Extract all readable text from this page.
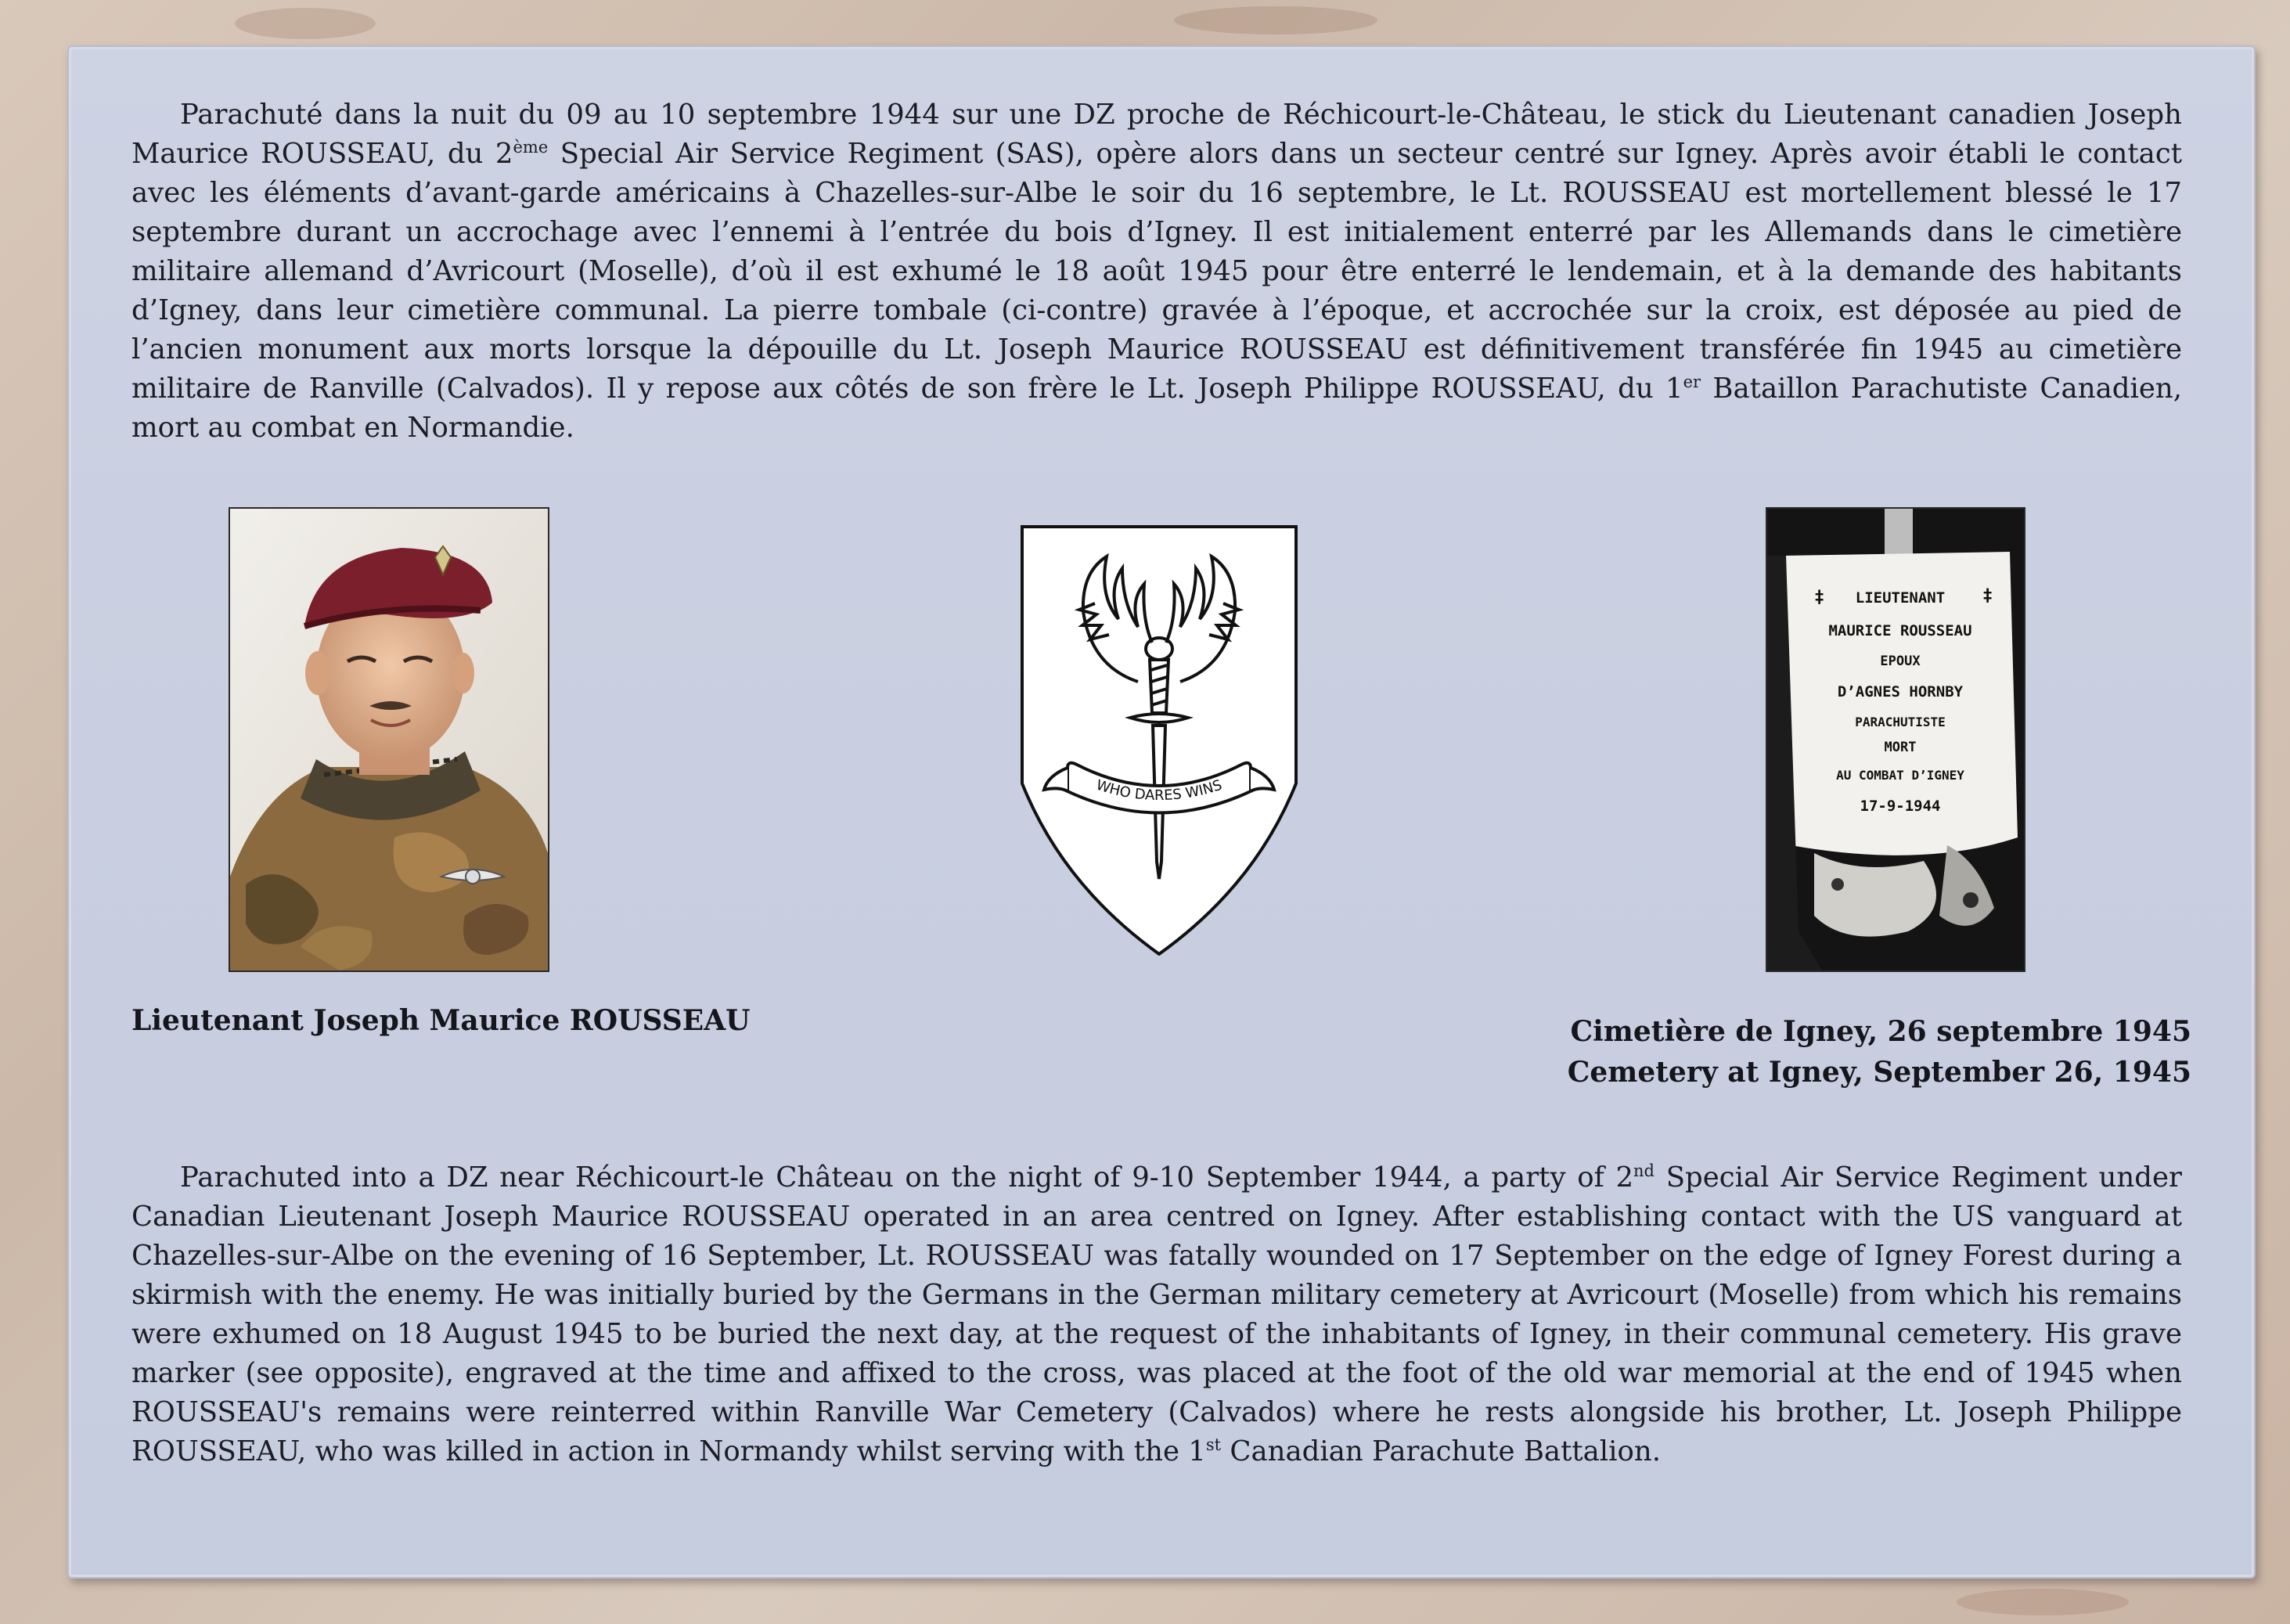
Parachuté dans la nuit du 09 au 10 septembre 1944 sur une DZ proche de Réchicourt-le-Château, le stick du Lieutenant canadien Joseph Maurice ROUSSEAU, du 2ème Special Air Service Regiment (SAS), opère alors dans un secteur centré sur Igney. Après avoir établi le contact avec les éléments d’avant-garde américains à Chazelles-sur-Albe le soir du 16 septembre, le Lt. ROUSSEAU est mortellement blessé le 17 septembre durant un accrochage avec l’ennemi à l’entrée du bois d’Igney. Il est initialement enterré par les Allemands dans le cimetière militaire allemand d’Avricourt (Moselle), d’où il est exhumé le 18 août 1945 pour être enterré le lendemain, et à la demande des habitants d’Igney, dans leur cimetière communal. La pierre tombale (ci-contre) gravée à l’époque, et accrochée sur la croix, est déposée au pied de l’ancien monument aux morts lorsque la dépouille du Lt. Joseph Maurice ROUSSEAU est définitivement transférée fin 1945 au cimetière militaire de Ranville (Calvados). Il y repose aux côtés de son frère le Lt. Joseph Philippe ROUSSEAU, du 1er Bataillon Parachutiste Canadien, mort au combat en Normandie.

WHO DARES WINS
‡	‡
LIEUTENANT
MAURICE ROUSSEAU
EPOUX
D’AGNES HORNBY
PARACHUTISTE
MORT
AU COMBAT D’IGNEY
17-9-1944

Lieutenant Joseph Maurice ROUSSEAU	Cimetière de Igney, 26 septembre 1945
Cemetery at Igney, September 26, 1945

Parachuted into a DZ near Réchicourt-le Château on the night of 9-10 September 1944, a party of 2nd Special Air Service Regiment under Canadian Lieutenant Joseph Maurice ROUSSEAU operated in an area centred on Igney. After establishing contact with the US vanguard at Chazelles-sur-Albe on the evening of 16 September, Lt. ROUSSEAU was fatally wounded on 17 September on the edge of Igney Forest during a skirmish with the enemy. He was initially buried by the Germans in the German military cemetery at Avricourt (Moselle) from which his remains were exhumed on 18 August 1945 to be buried the next day, at the request of the inhabitants of Igney, in their communal cemetery. His grave marker (see opposite), engraved at the time and affixed to the cross, was placed at the foot of the old war memorial at the end of 1945 when ROUSSEAU's remains were reinterred within Ranville War Cemetery (Calvados) where he rests alongside his brother, Lt. Joseph Philippe ROUSSEAU, who was killed in action in Normandy whilst serving with the 1st Canadian Parachute Battalion.
